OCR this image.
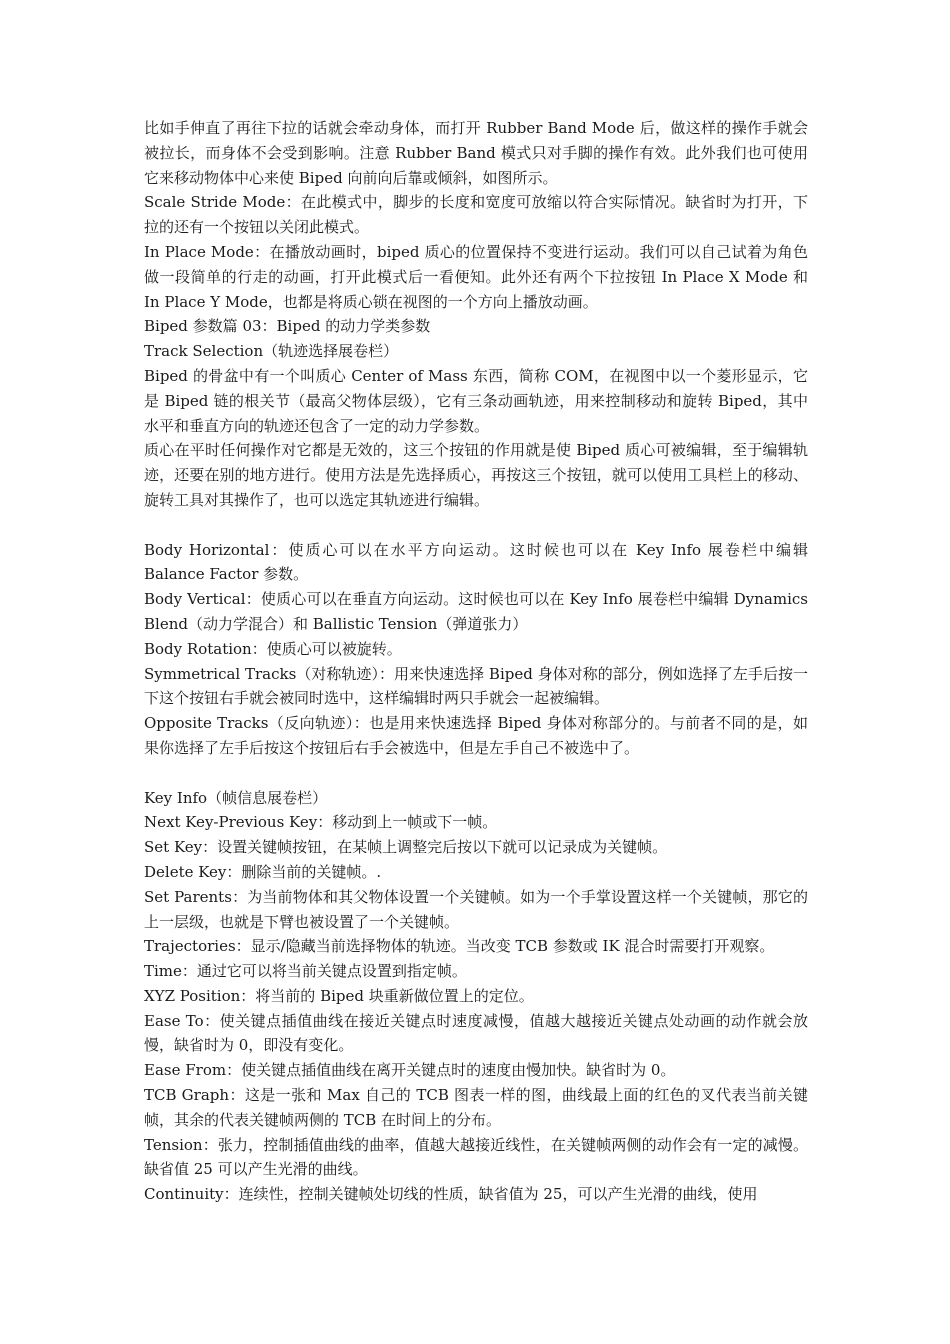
比如手伸直了再往下拉的话就会牵动身体，而打开 Rubber Band Mode 后，做这样的操作手就会被拉长，而身体不会受到影响。注意 Rubber Band 模式只对手脚的操作有效。此外我们也可使用它来移动物体中心来使 Biped 向前向后靠或倾斜，如图所示。

Scale Stride Mode：在此模式中，脚步的长度和宽度可放缩以符合实际情况。缺省时为打开，下拉的还有一个按钮以关闭此模式。

In Place Mode：在播放动画时，biped 质心的位置保持不变进行运动。我们可以自己试着为角色做一段简单的行走的动画，打开此模式后一看便知。此外还有两个下拉按钮 In Place X Mode 和 In Place Y Mode，也都是将质心锁在视图的一个方向上播放动画。

Biped 参数篇 03：Biped 的动力学类参数

Track Selection（轨迹选择展卷栏）

Biped 的骨盆中有一个叫质心 Center of Mass 东西，简称 COM，在视图中以一个菱形显示，它是 Biped 链的根关节（最高父物体层级），它有三条动画轨迹，用来控制移动和旋转 Biped，其中水平和垂直方向的轨迹还包含了一定的动力学参数。

质心在平时任何操作对它都是无效的，这三个按钮的作用就是使 Biped 质心可被编辑，至于编辑轨迹，还要在别的地方进行。使用方法是先选择质心，再按这三个按钮，就可以使用工具栏上的移动、旋转工具对其操作了，也可以选定其轨迹进行编辑。

Body Horizontal：使质心可以在水平方向运动。这时候也可以在 Key Info 展卷栏中编辑 Balance Factor 参数。

Body Vertical：使质心可以在垂直方向运动。这时候也可以在 Key Info 展卷栏中编辑 Dynamics Blend（动力学混合）和 Ballistic Tension（弹道张力）

Body Rotation：使质心可以被旋转。

Symmetrical Tracks（对称轨迹）：用来快速选择 Biped 身体对称的部分，例如选择了左手后按一下这个按钮右手就会被同时选中，这样编辑时两只手就会一起被编辑。

Opposite Tracks（反向轨迹）：也是用来快速选择 Biped 身体对称部分的。与前者不同的是，如果你选择了左手后按这个按钮后右手会被选中，但是左手自己不被选中了。

Key Info（帧信息展卷栏）

Next Key-Previous Key：移动到上一帧或下一帧。

Set Key：设置关键帧按钮，在某帧上调整完后按以下就可以记录成为关键帧。

Delete Key：删除当前的关键帧。.

Set Parents：为当前物体和其父物体设置一个关键帧。如为一个手掌设置这样一个关键帧，那它的上一层级，也就是下臂也被设置了一个关键帧。

Trajectories：显示/隐藏当前选择物体的轨迹。当改变 TCB 参数或 IK 混合时需要打开观察。

Time：通过它可以将当前关键点设置到指定帧。

XYZ Position：将当前的 Biped 块重新做位置上的定位。

Ease To：使关键点插值曲线在接近关键点时速度减慢，值越大越接近关键点处动画的动作就会放慢，缺省时为 0，即没有变化。

Ease From：使关键点插值曲线在离开关键点时的速度由慢加快。缺省时为 0。

TCB Graph：这是一张和 Max 自己的 TCB 图表一样的图，曲线最上面的红色的叉代表当前关键帧，其余的代表关键帧两侧的 TCB 在时间上的分布。

Tension：张力，控制插值曲线的曲率，值越大越接近线性，在关键帧两侧的动作会有一定的减慢。缺省值 25 可以产生光滑的曲线。

Continuity：连续性，控制关键帧处切线的性质，缺省值为 25，可以产生光滑的曲线，使用
